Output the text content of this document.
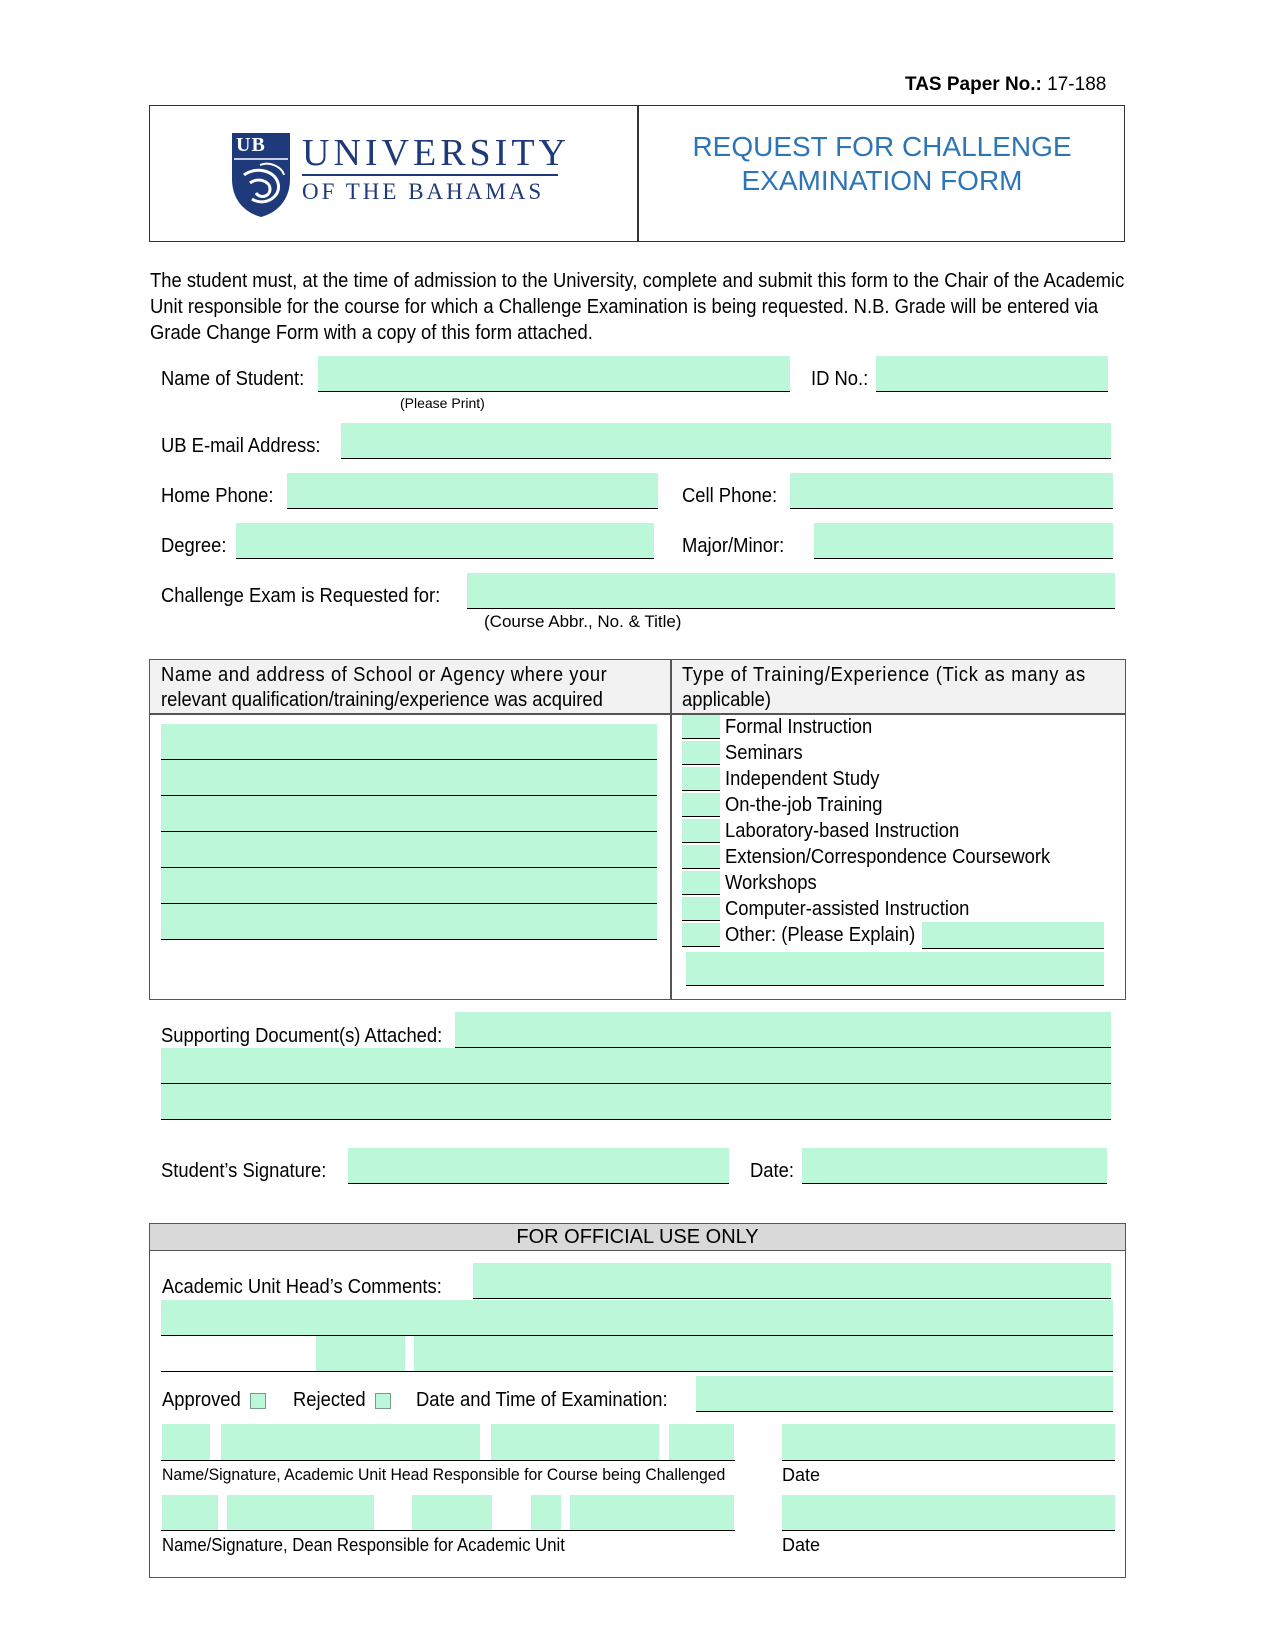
TAS Paper No.: 17-188
UB UNIVERSITY
OF THE BAHAMAS
REQUEST FOR CHALLENGE
EXAMINATION FORM
The student must, at the time of admission to the University, complete and submit this form to the Chair of the Academic
Unit responsible for the course for which a Challenge Examination is being requested. N.B. Grade will be entered via
Grade Change Form with a copy of this form attached.
Name of Student:
(Please Print)
ID No.:
UB E-mail Address:
Home Phone:	Cell Phone:
Degree:	Major/Minor:
Challenge Exam is Requested for:
(Course Abbr., No. & Title)
Name and address of School or Agency where your
relevant qualification/training/experience was acquired
Type of Training/Experience (Tick as many as
applicable)
Formal Instruction
Seminars
Independent Study
On-the-job Training
Laboratory-based Instruction
Extension/Correspondence Coursework
Workshops
Computer-assisted Instruction
Other: (Please Explain)
Supporting Document(s) Attached:
Student’s Signature:	Date:
FOR OFFICIAL USE ONLY
Academic Unit Head’s Comments:
Approved	Rejected	Date and Time of Examination:
Name/Signature, Academic Unit Head Responsible for Course being Challenged	Date
Name/Signature, Dean Responsible for Academic Unit	Date
